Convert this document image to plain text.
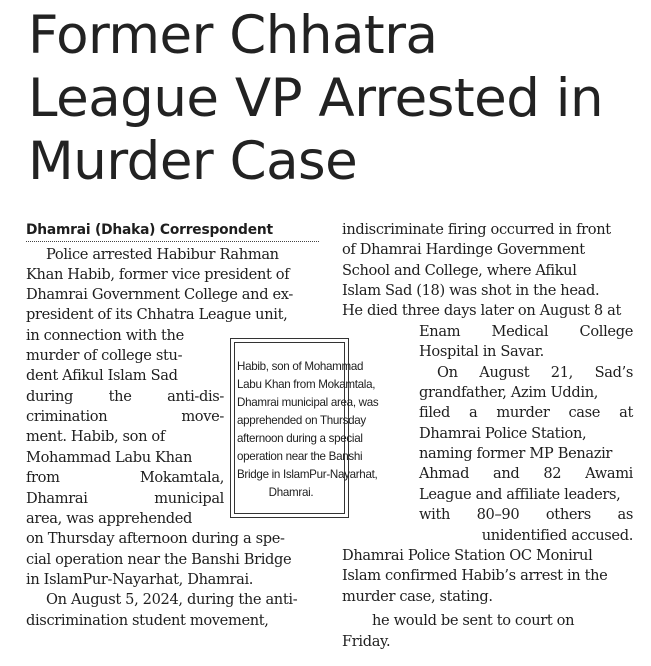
Former Chhatra
League VP Arrested in
Murder Case
Dhamrai (Dhaka) Correspondent
Police arrested Habibur Rahman
Khan Habib, former vice president of
Dhamrai Government College and ex-
president of its Chhatra League unit,
in connection with the
murder of college stu-
dent Afikul Islam Sad
during the anti-dis-
crimination move-
ment. Habib, son of
Mohammad Labu Khan
from Mokamtala,
Dhamrai municipal
area, was apprehended
on Thursday afternoon during a spe-
cial operation near the Banshi Bridge
in IslamPur-Nayarhat, Dhamrai.
On August 5, 2024, during the anti-
discrimination student movement,
Habib, son of Mohammad
Labu Khan from Mokamtala,
Dhamrai municipal area, was
apprehended on Thursday
afternoon during a special
operation near the Banshi
Bridge in IslamPur-Nayarhat,
Dhamrai.
indiscriminate firing occurred in front
of Dhamrai Hardinge Government
School and College, where Afikul
Islam Sad (18) was shot in the head.
He died three days later on August 8 at
Enam Medical College
Hospital in Savar.
On August 21, Sad’s
grandfather, Azim Uddin,
filed a murder case at
Dhamrai Police Station,
naming former MP Benazir
Ahmad and 82 Awami
League and affiliate leaders,
with 80–90 others as
unidentified accused.
Dhamrai Police Station OC Monirul
Islam confirmed Habib’s arrest in the
murder case, stating.
he would be sent to court on
Friday.
